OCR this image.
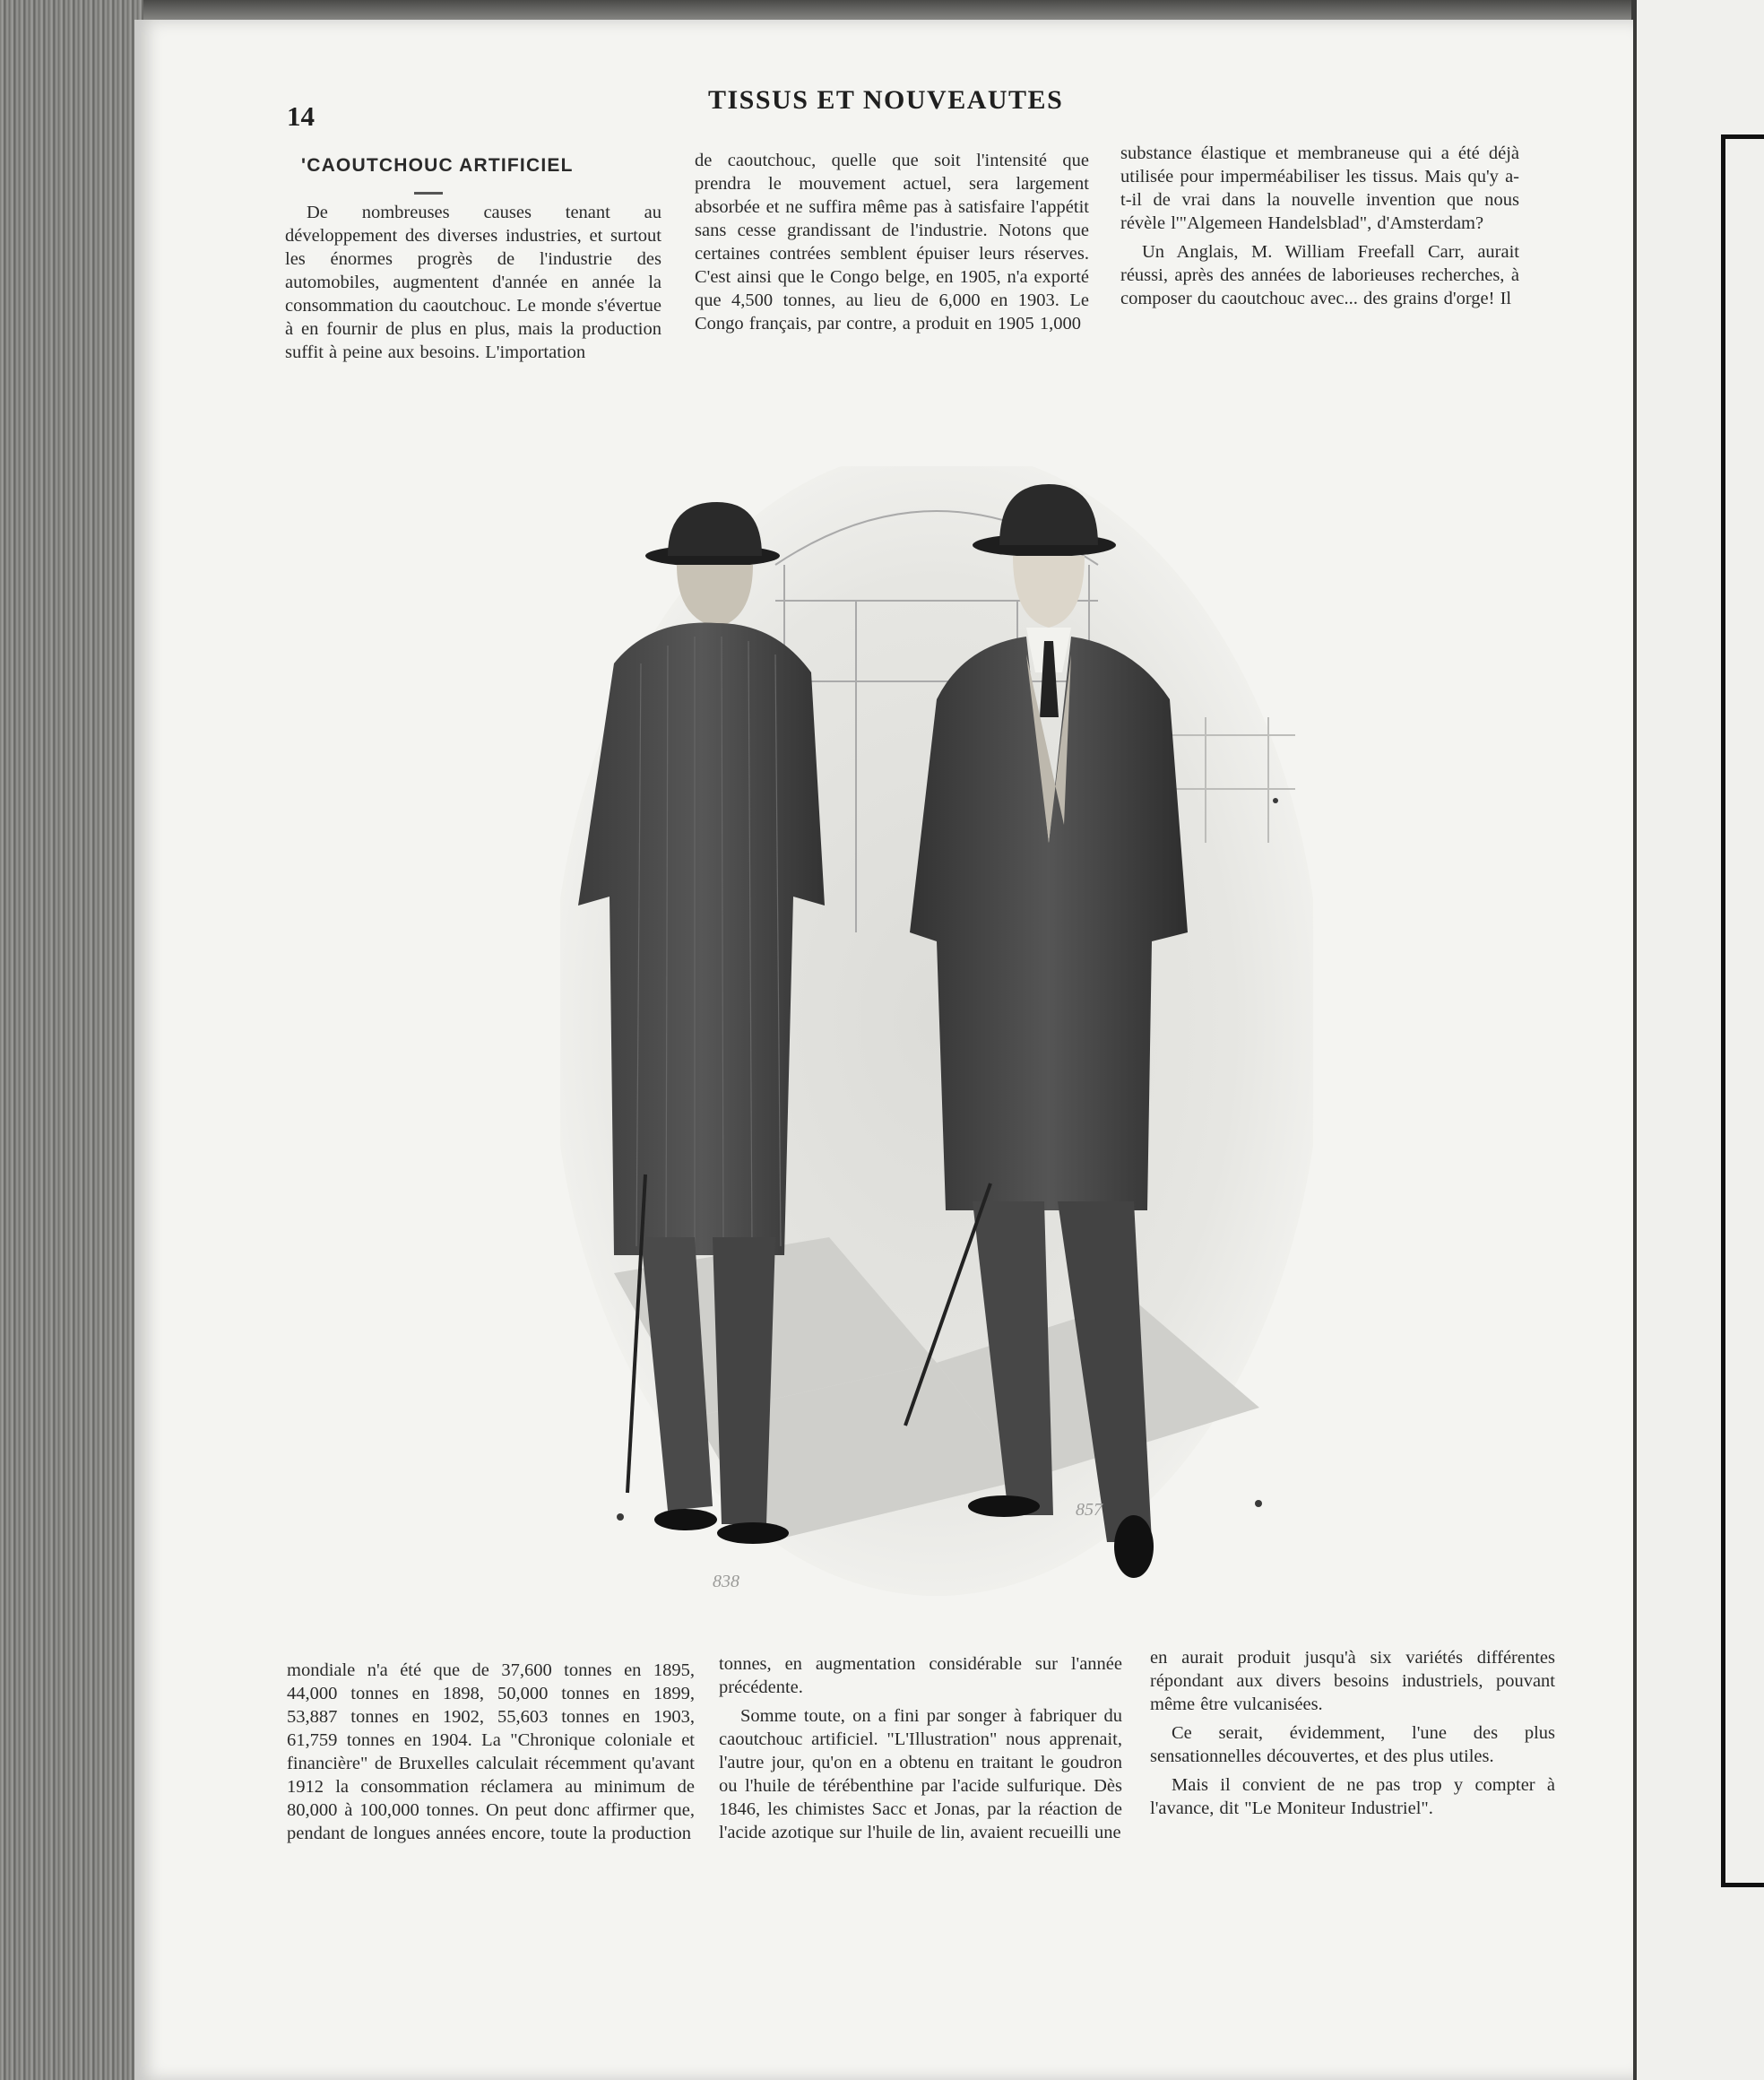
14
TISSUS ET NOUVEAUTES
'CAOUTCHOUC ARTIFICIEL

De nombreuses causes tenant au développement des diverses industries, et surtout les énormes progrès de l'industrie des automobiles, augmentent d'année en année la consommation du caoutchouc. Le monde s'évertue à en fournir de plus en plus, mais la production suffit à peine aux besoins. L'importation

de caoutchouc, quelle que soit l'intensité que prendra le mouvement actuel, sera largement absorbée et ne suffira même pas à satisfaire l'appétit sans cesse grandissant de l'industrie. Notons que certaines contrées semblent épuiser leurs réserves. C'est ainsi que le Congo belge, en 1905, n'a exporté que 4,500 tonnes, au lieu de 6,000 en 1903. Le Congo français, par contre, a produit en 1905 1,000

substance élastique et membraneuse qui a été déjà utilisée pour imperméabiliser les tissus. Mais qu'y a-t-il de vrai dans la nouvelle invention que nous révèle l'"Algemeen Handelsblad", d'Amsterdam?

Un Anglais, M. William Freefall Carr, aurait réussi, après des années de laborieuses recherches, à composer du caoutchouc avec... des grains d'orge! Il

838
857

mondiale n'a été que de 37,600 tonnes en 1895, 44,000 tonnes en 1898, 50,000 tonnes en 1899, 53,887 tonnes en 1902, 55,603 tonnes en 1903, 61,759 tonnes en 1904. La "Chronique coloniale et financière" de Bruxelles calculait récemment qu'avant 1912 la consommation réclamera au minimum de 80,000 à 100,000 tonnes. On peut donc affirmer que, pendant de longues années encore, toute la production

tonnes, en augmentation considérable sur l'année précédente.

Somme toute, on a fini par songer à fabriquer du caoutchouc artificiel. "L'Illustration" nous apprenait, l'autre jour, qu'on en a obtenu en traitant le goudron ou l'huile de térébenthine par l'acide sulfurique. Dès 1846, les chimistes Sacc et Jonas, par la réaction de l'acide azotique sur l'huile de lin, avaient recueilli une

en aurait produit jusqu'à six variétés différentes répondant aux divers besoins industriels, pouvant même être vulcanisées.

Ce serait, évidemment, l'une des plus sensationnelles découvertes, et des plus utiles.

Mais il convient de ne pas trop y compter à l'avance, dit "Le Moniteur Industriel".
